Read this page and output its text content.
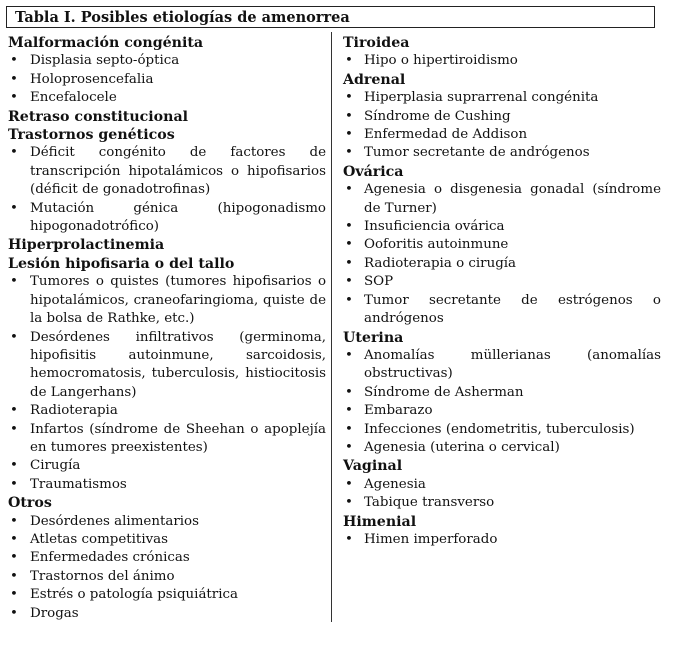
Tabla I. Posibles etiologías de amenorrea
Malformación congénita
• Displasia septo-óptica
• Holoprosencefalia
• Encefalocele
Retraso constitucional
Trastornos genéticos
• Déficit congénito de factores de transcripción hipotalámicos o hipofisarios (déficit de gonadotrofinas)
• Mutación génica (hipogonadismo hipogonadotrófico)
Hiperprolactinemia
Lesión hipofisaria o del tallo
• Tumores o quistes (tumores hipofisarios o hipotalámicos, craneofaringioma, quiste de la bolsa de Rathke, etc.)
• Desórdenes infiltrativos (germinoma, hipofisitis autoinmune, sarcoidosis, hemocromatosis, tuberculosis, histiocitosis de Langerhans)
• Radioterapia
• Infartos (síndrome de Sheehan o apoplejía en tumores preexistentes)
• Cirugía
• Traumatismos
Otros
• Desórdenes alimentarios
• Atletas competitivas
• Enfermedades crónicas
• Trastornos del ánimo
• Estrés o patología psiquiátrica
• Drogas
Tiroidea
• Hipo o hipertiroidismo
Adrenal
• Hiperplasia suprarrenal congénita
• Síndrome de Cushing
• Enfermedad de Addison
• Tumor secretante de andrógenos
Ovárica
• Agenesia o disgenesia gonadal (síndrome de Turner)
• Insuficiencia ovárica
• Ooforitis autoinmune
• Radioterapia o cirugía
• SOP
• Tumor secretante de estrógenos o andrógenos
Uterina
• Anomalías müllerianas (anomalías obstructivas)
• Síndrome de Asherman
• Embarazo
• Infecciones (endometritis, tuberculosis)
• Agenesia (uterina o cervical)
Vaginal
• Agenesia
• Tabique transverso
Himenial
• Himen imperforado
